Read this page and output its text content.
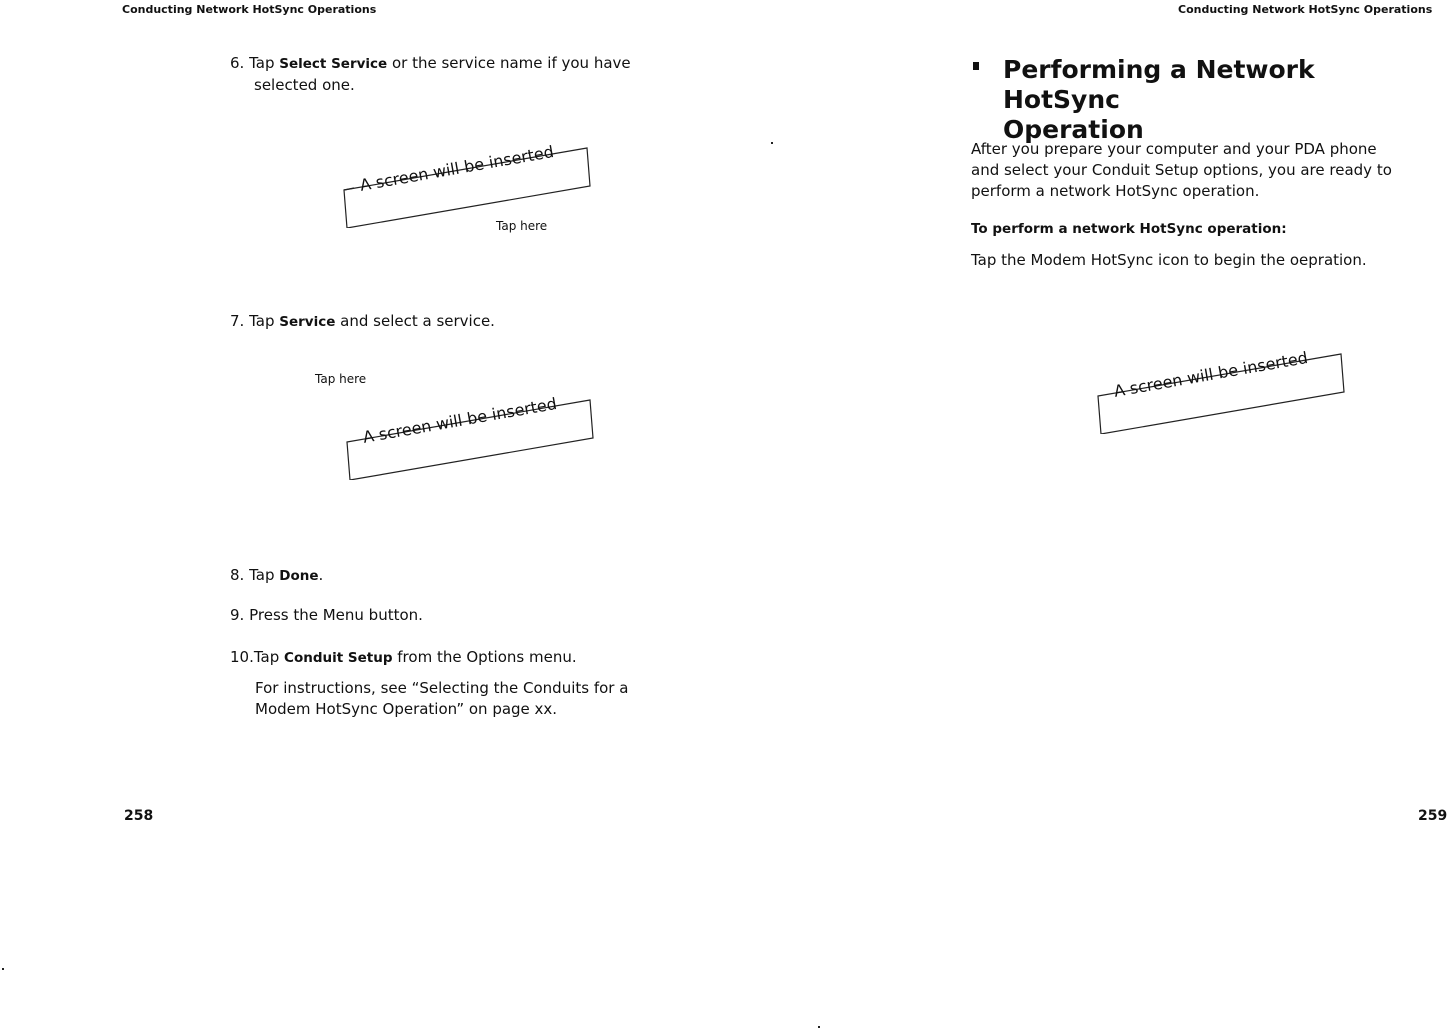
Conducting Network HotSync Operations
6. Tap Select Service or the service name if you have
selected one.
A screen will be inserted
Tap here
7. Tap Service and select a service.
Tap here
A screen will be inserted
8. Tap Done.
9. Press the Menu button.
10.Tap Conduit Setup from the Options menu.
For instructions, see “Selecting the Conduits for a
Modem HotSync Operation” on page xx.
258
Conducting Network HotSync Operations
Performing a Network HotSync
Operation
After you prepare your computer and your PDA phone
and select your Conduit Setup options, you are ready to
perform a network HotSync operation.
To perform a network HotSync operation:
Tap the Modem HotSync icon to begin the oepration.
A screen will be inserted
259
